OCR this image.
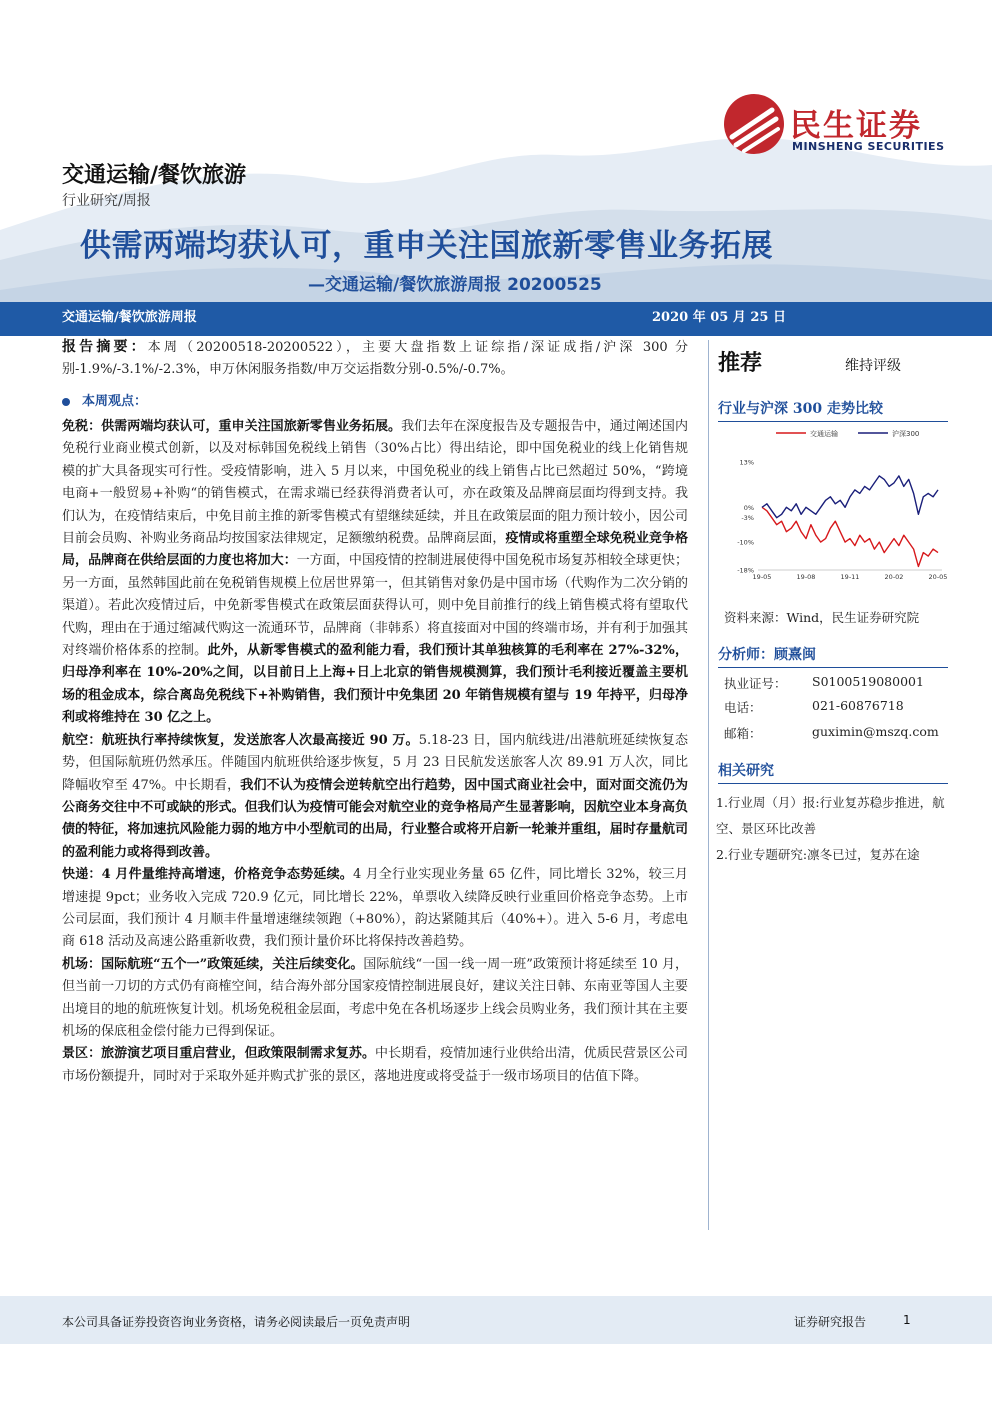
民生证券
MINSHENG SECURITIES
交通运输/餐饮旅游
行业研究/周报
供需两端均获认可，重申关注国旅新零售业务拓展
—交通运输/餐饮旅游周报 20200525
交通运输/餐饮旅游周报	2020 年 05 月 25 日

报告摘要：本周（20200518-20200522），主要大盘指数上证综指/深证成指/沪深 300 分别-1.9%/-3.1%/-2.3%，申万休闲服务指数/申万交运指数分别-0.5%/-0.7%。

本周观点：

免税：供需两端均获认可，重申关注国旅新零售业务拓展。我们去年在深度报告及专题报告中，通过阐述国内免税行业商业模式创新，以及对标韩国免税线上销售（30%占比）得出结论，即中国免税业的线上化销售规模的扩大具备现实可行性。受疫情影响，进入 5 月以来，中国免税业的线上销售占比已然超过 50%，“跨境电商+一般贸易+补购“的销售模式，在需求端已经获得消费者认可，亦在政策及品牌商层面均得到支持。我们认为，在疫情结束后，中免目前主推的新零售模式有望继续延续，并且在政策层面的阻力预计较小，因公司目前会员购、补购业务商品均按国家法律规定，足额缴纳税费。品牌商层面，疫情或将重塑全球免税业竞争格局，品牌商在供给层面的力度也将加大：一方面，中国疫情的控制进展使得中国免税市场复苏相较全球更快；另一方面，虽然韩国此前在免税销售规模上位居世界第一，但其销售对象仍是中国市场（代购作为二次分销的渠道）。若此次疫情过后，中免新零售模式在政策层面获得认可，则中免目前推行的线上销售模式将有望取代代购，理由在于通过缩减代购这一流通环节，品牌商（非韩系）将直接面对中国的终端市场，并有利于加强其对终端价格体系的控制。此外，从新零售模式的盈利能力看，我们预计其单独核算的毛利率在 27%-32%，归母净利率在 10%-20%之间，以目前日上上海+日上北京的销售规模测算，我们预计毛利接近覆盖主要机场的租金成本，综合离岛免税线下+补购销售，我们预计中免集团 20 年销售规模有望与 19 年持平，归母净利或将维持在 30 亿之上。

航空：航班执行率持续恢复，发送旅客人次最高接近 90 万。5.18-23 日，国内航线进/出港航班延续恢复态势，但国际航班仍然承压。伴随国内航班供给逐步恢复，5 月 23 日民航发送旅客人次 89.91 万人次，同比降幅收窄至 47%。中长期看，我们不认为疫情会逆转航空出行趋势，因中国式商业社会中，面对面交流仍为公商务交往中不可或缺的形式。但我们认为疫情可能会对航空业的竞争格局产生显著影响，因航空业本身高负债的特征，将加速抗风险能力弱的地方中小型航司的出局，行业整合或将开启新一轮兼并重组，届时存量航司的盈利能力或将得到改善。

快递：4 月件量维持高增速，价格竞争态势延续。4 月全行业实现业务量 65 亿件，同比增长 32%，较三月增速提 9pct；业务收入完成 720.9 亿元，同比增长 22%，单票收入续降反映行业重回价格竞争态势。上市公司层面，我们预计 4 月顺丰件量增速继续领跑（+80%），韵达紧随其后（40%+）。进入 5-6 月，考虑电商 618 活动及高速公路重新收费，我们预计量价环比将保持改善趋势。

机场：国际航班“五个一”政策延续，关注后续变化。国际航线“一国一线一周一班”政策预计将延续至 10 月，但当前一刀切的方式仍有商榷空间，结合海外部分国家疫情控制进展良好，建议关注日韩、东南亚等国人主要出境目的地的航班恢复计划。机场免税租金层面，考虑中免在各机场逐步上线会员购业务，我们预计其在主要机场的保底租金偿付能力已得到保证。

景区：旅游演艺项目重启营业，但政策限制需求复苏。中长期看，疫情加速行业供给出清，优质民营景区公司市场份额提升，同时对于采取外延并购式扩张的景区，落地进度或将受益于一级市场项目的估值下降。

推荐	维持评级
行业与沪深 300 走势比较
交通运输	沪深300
13%
0%
-3%
-10%
-18%
19-05	19-08	19-11	20-02	20-05
资料来源：Wind，民生证券研究院
分析师：顾熹闽
执业证号： S0100519080001
电话：	021-60876718
邮箱：	guximin@mszq.com
相关研究
1.行业周（月）报:行业复苏稳步推进，航空、景区环比改善
2.行业专题研究:凛冬已过，复苏在途
本公司具备证券投资咨询业务资格，请务必阅读最后一页免责声明	证券研究报告	1
